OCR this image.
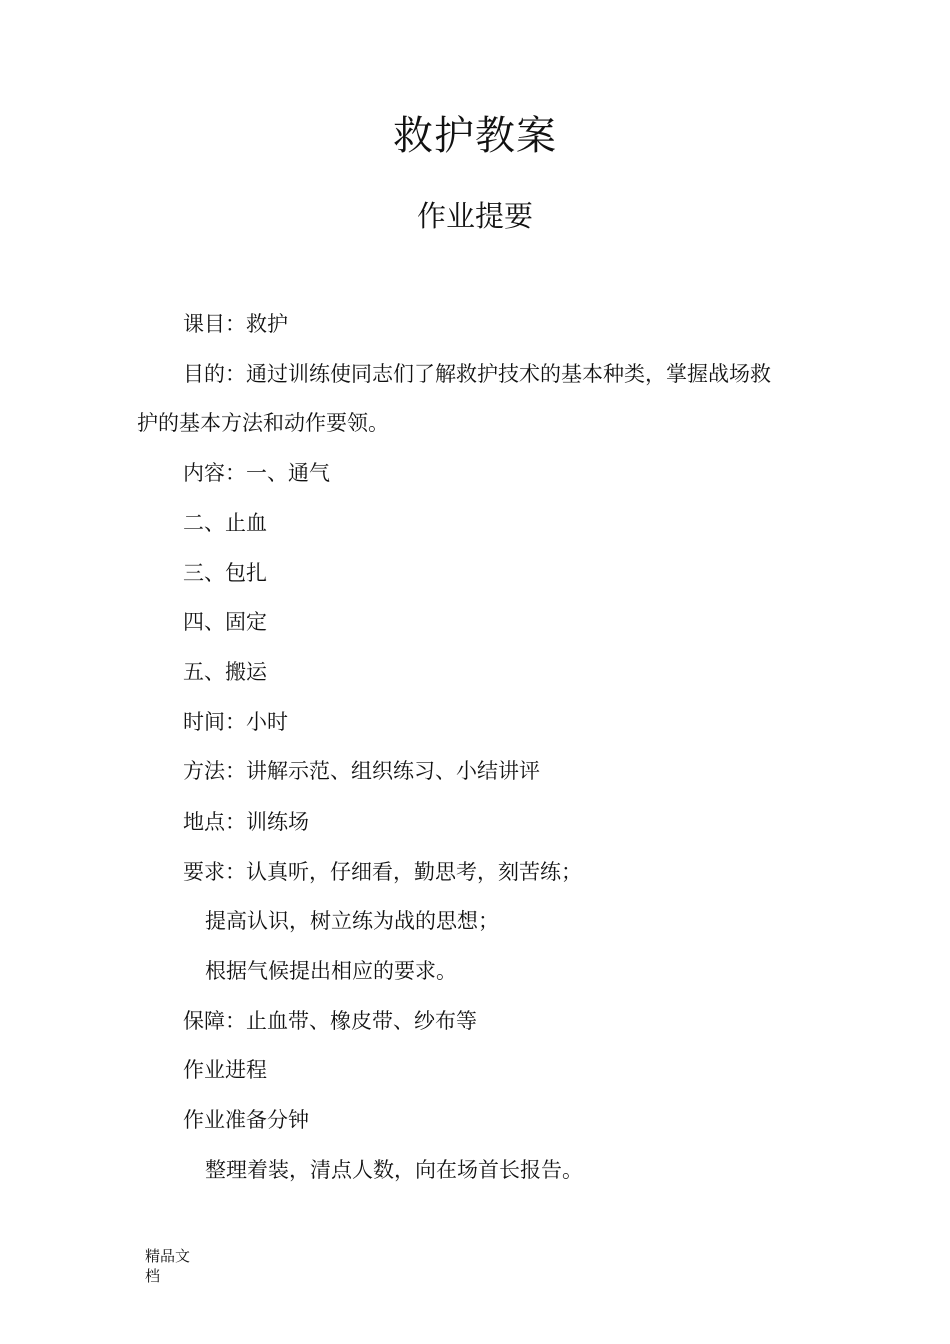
救护教案
作业提要

课目：救护

目的：通过训练使同志们了解救护技术的基本种类，掌握战场救

护的基本方法和动作要领。

内容：一、通气

二、止血

三、包扎

四、固定

五、搬运

时间：小时

方法：讲解示范、组织练习、小结讲评

地点：训练场

要求：认真听，仔细看，勤思考，刻苦练；

提高认识，树立练为战的思想；

根据气候提出相应的要求。

保障：止血带、橡皮带、纱布等

作业进程

作业准备分钟

整理着装，清点人数，向在场首长报告。

精品文
档
